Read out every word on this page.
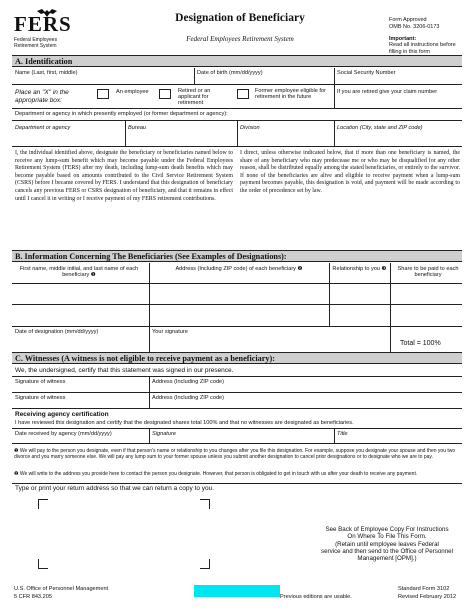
FERS
Federal Employees Retirement System
Designation of Beneficiary
Federal Employees Retirement System
Form Approved
OMB No. 3206-0173
Important:
Read all instructions before filling in this form
A. Identification
Name (Last, first, middle)	Date of birth (mm/dd/yyyy)	Social Security Number
Place an "X" in the appropriate box:
An employee	Retired or an applicant for retirement
Former employee eligible for retirement in the future
If you are retired give your claim number
Department or agency in which presently employed (or former department or agency):
Department or agency	Bureau	Division	Location (City, state and ZIP code)
I, the individual identified above, designate the beneficiary or beneficiaries named below to receive any lump-sum benefit which may become payable under the Federal Employees Retirement System (FERS) after my death, including lump-sum death benefits which may become payable based on amounts contributed to the Civil Service Retirement System (CSRS) before I became covered by FERS. I understand that this designation of beneficiary cancels any previous FERS or CSRS designation of beneficiary, and that it remains in effect until I cancel it in writing or I receive payment of my FERS retirement contributions.
I direct, unless otherwise indicated below, that if more than one beneficiary is named, the share of any beneficiary who may predecease me or who may be disqualified for any other reason, shall be distributed equally among the stated beneficiaries, or entirely to the survivor. If none of the beneficiaries are alive and eligible to receive payment when a lump-sum payment becomes payable, this designation is void, and payment will be made according to the order of precedence set by law.
B. Information Concerning The Beneficiaries (See Examples of Designations):
First name, middle initial, and last name of each beneficiary ❶
Address (Including ZIP code) of each beneficiary ❷	Relationship to you ❸	Share to be paid to each beneficiary
Date of designation (mm/dd/yyyy)	Your signature
Total = 100%
C. Witnesses (A witness is not eligible to receive payment as a beneficiary):
We, the undersigned, certify that this statement was signed in our presence.
Signature of witness	Address (Including ZIP code)
Signature of witness	Address (Including ZIP code)
Receiving agency certification
I have reviewed this designation and certify that the designated shares total 100% and that no witnesses are designated as beneficiaries.
Date received by agency (mm/dd/yyyy)	Signature	Title
❶ We will pay to the person you designate, even if that person's name or relationship to you changes after you file this designation. For example, suppose you designate your spouse and then you two divorce and you marry someone else. We will pay any lump sum to your former spouse unless you submit another designation to cancel prior designations or to designate who we are to pay.
❷ We will write to the address you provide here to contact the person you designate. However, that person is obligated to get in touch with us after your death to receive any payment.
Type or print your return address so that we can return a copy to you.
See Back of Employee Copy For Instructions
On Where To File This Form.
(Retain until employee leaves Federal
service and then send to the Office of Personnel
Management [OPM].)
U.S. Office of Personnel Management
5 CFR 843.205	Previous editions are usable.
Standard Form 3102
Revised February 2012
